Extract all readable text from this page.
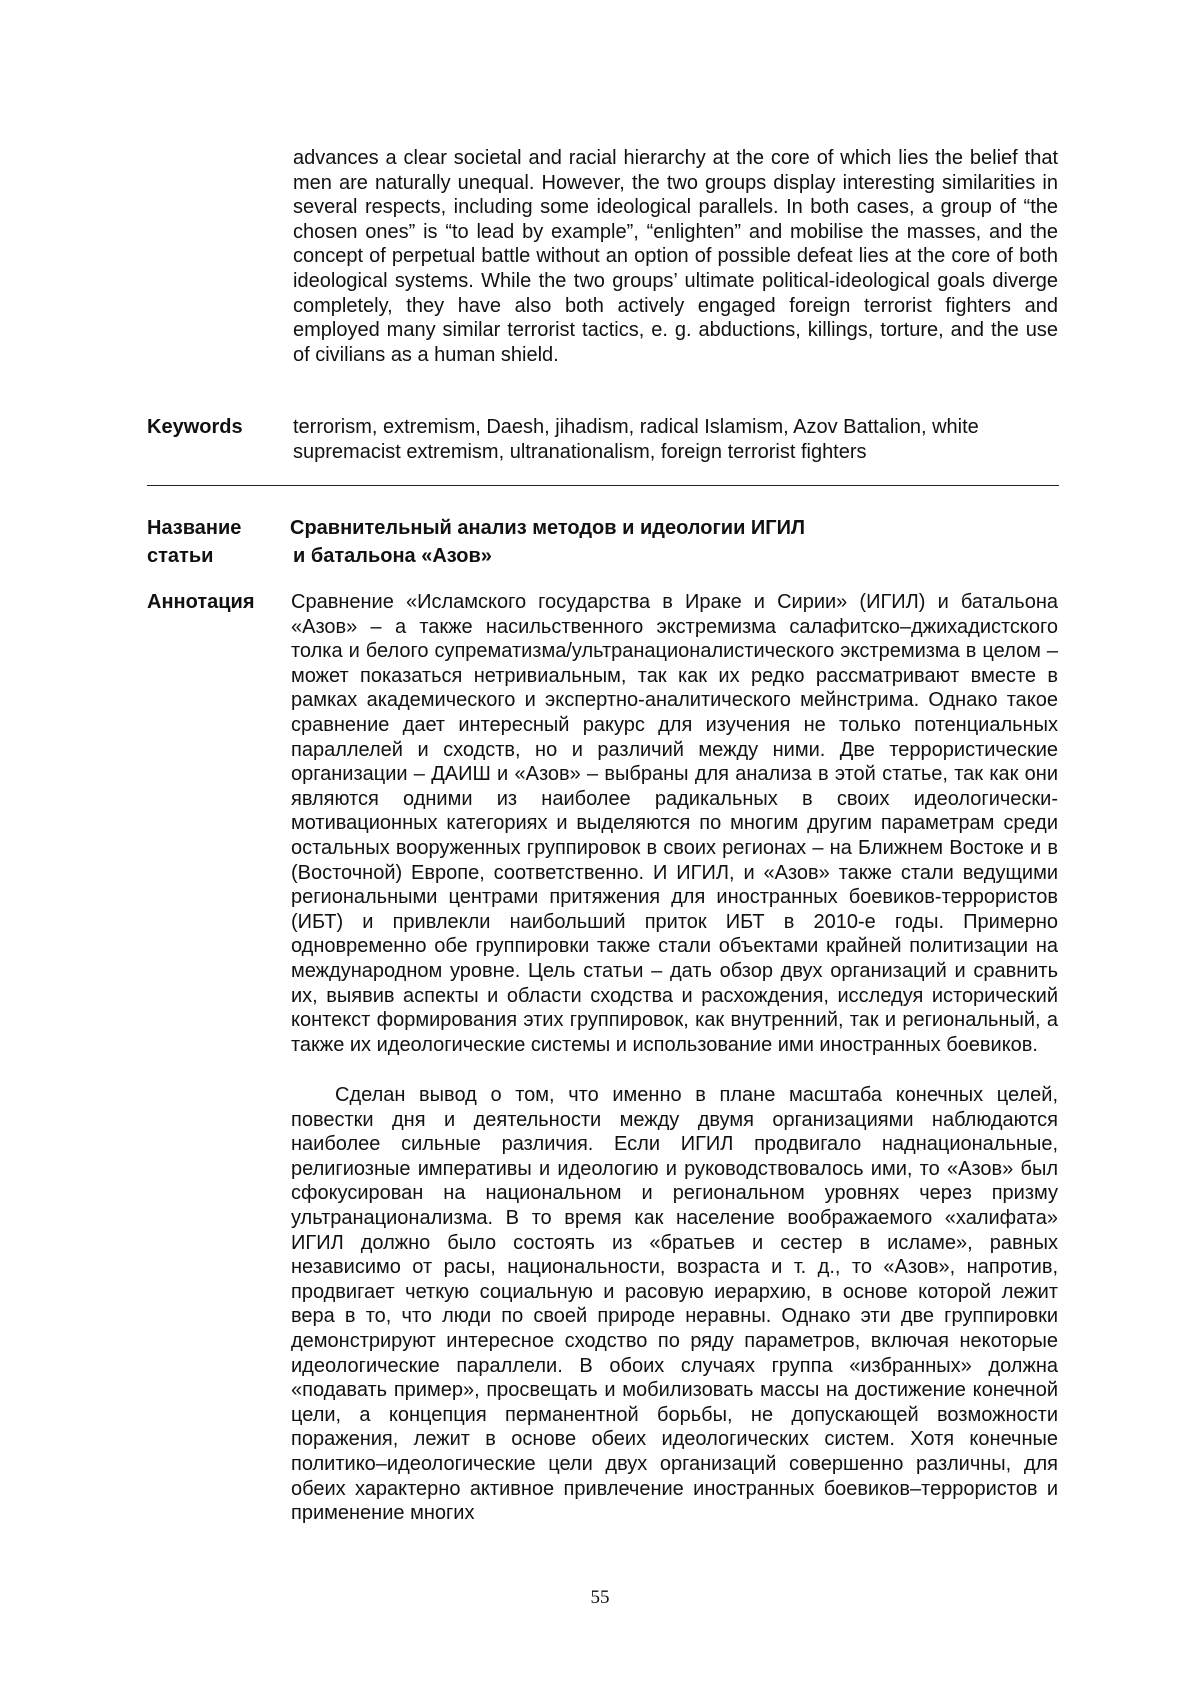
advances a clear societal and racial hierarchy at the core of which lies the belief that men are naturally unequal. However, the two groups display interesting similarities in several respects, including some ideological parallels. In both cases, a group of “the chosen ones” is “to lead by example”, “enlighten” and mobilise the masses, and the concept of perpetual battle without an option of possible defeat lies at the core of both ideological systems. While the two groups’ ultimate political-ideological goals diverge completely, they have also both actively engaged foreign terrorist fighters and employed many similar terrorist tactics, e. g. abductions, killings, torture, and the use of civilians as a human shield.

Keywords	terrorism, extremism, Daesh, jihadism, radical Islamism, Azov Battalion, white supremacist extremism, ultranationalism, foreign terrorist fighters

Название статьи

Сравнительный анализ методов и идеологии ИГИЛ
и батальона «Азов»

Аннотация Сравнение «Исламского государства в Ираке и Сирии» (ИГИЛ) и батальона «Азов» – а также насильственного экстремизма салафитско–джихадистского толка и белого супрематизма/ультранационалистического экстремизма в целом – может показаться нетривиальным, так как их редко рассматривают вместе в рамках академического и экспертно-аналитического мейнстрима. Однако такое сравнение дает интересный ракурс для изучения не только потенциальных параллелей и сходств, но и различий между ними. Две террористические организации – ДАИШ и «Азов» – выбраны для анализа в этой статье, так как они являются одними из наиболее радикальных в своих идеологически-мотивационных категориях и выделяются по многим другим параметрам среди остальных вооруженных группировок в своих регионах – на Ближнем Востоке и в (Восточной) Европе, соответственно. И ИГИЛ, и «Азов» также стали ведущими региональными центрами притяжения для иностранных боевиков-террористов (ИБТ) и привлекли наибольший приток ИБТ в 2010-е годы. Примерно одновременно обе группировки также стали объектами крайней политизации на международном уровне. Цель статьи – дать обзор двух организаций и сравнить их, выявив аспекты и области сходства и расхождения, исследуя исторический контекст формирования этих группировок, как внутренний, так и региональный, а также их идеологические системы и использование ими иностранных боевиков.

Сделан вывод о том, что именно в плане масштаба конечных целей, повестки дня и деятельности между двумя организациями наблюдаются наиболее сильные различия. Если ИГИЛ продвигало наднациональные, религиозные императивы и идеологию и руководствовалось ими, то «Азов» был сфокусирован на национальном и региональном уровнях через призму ультранационализма. В то время как население воображаемого «халифата» ИГИЛ должно было состоять из «братьев и сестер в исламе», равных независимо от расы, национальности, возраста и т. д., то «Азов», напротив, продвигает четкую социальную и расовую иерархию, в основе которой лежит вера в то, что люди по своей природе неравны. Однако эти две группировки демонстрируют интересное сходство по ряду параметров, включая некоторые идеологические параллели. В обоих случаях группа «избранных» должна «подавать пример», просвещать и мобилизовать массы на достижение конечной цели, а концепция перманентной борьбы, не допускающей возможности поражения, лежит в основе обеих идеологических систем. Хотя конечные политико–идеологические цели двух организаций совершенно различны, для обеих характерно активное привлечение иностранных боевиков–террористов и применение многих

55
